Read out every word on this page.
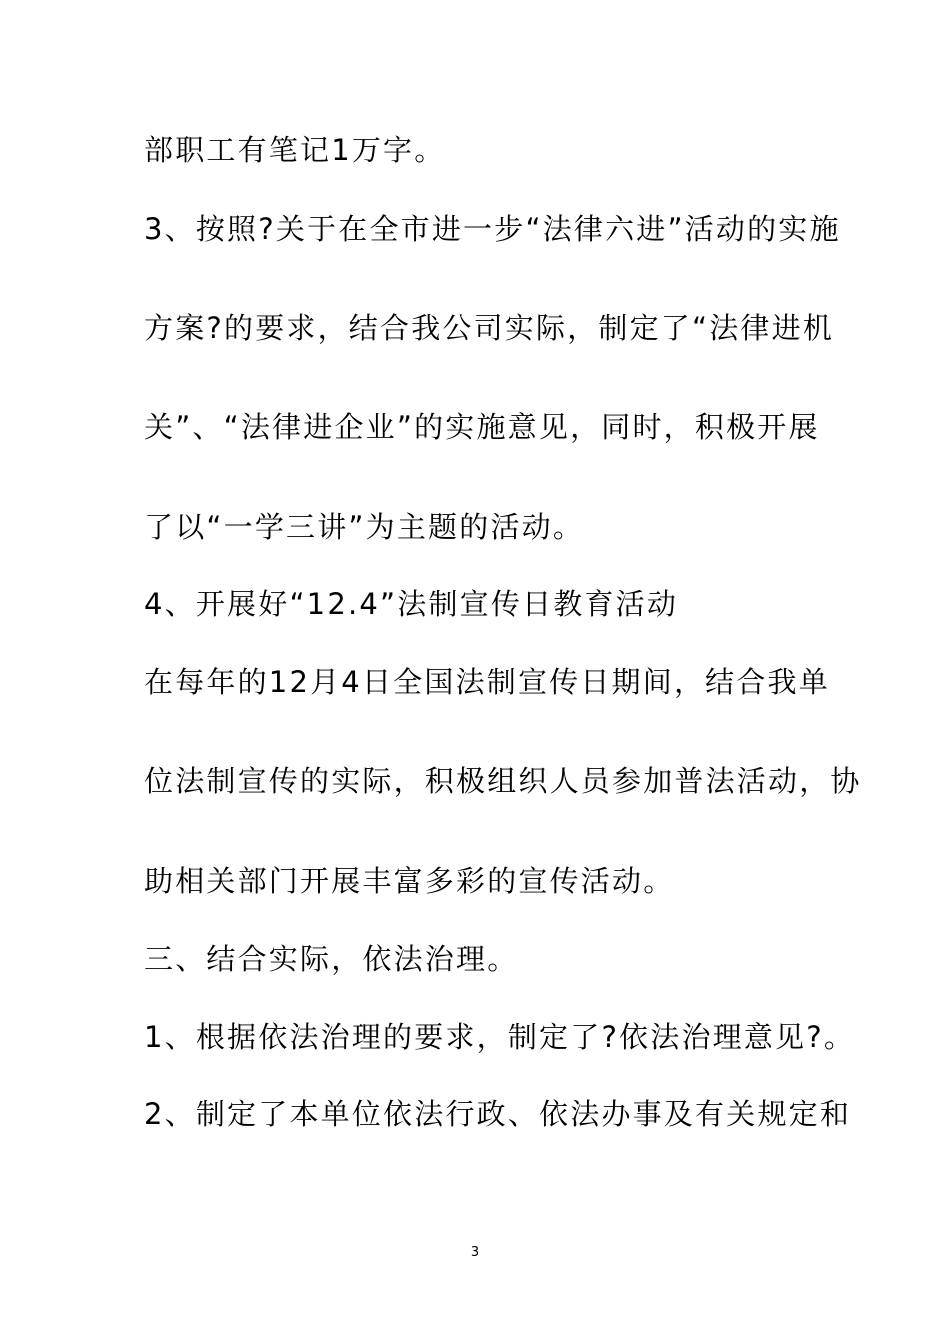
部职工有笔记1万字。
3、按照?关于在全市进一步“法律六进”活动的实施
方案?的要求，结合我公司实际，制定了“法律进机
关”、“法律进企业”的实施意见，同时，积极开展
了以“一学三讲”为主题的活动。
4、开展好“12.4”法制宣传日教育活动
在每年的12月4日全国法制宣传日期间，结合我单
位法制宣传的实际，积极组织人员参加普法活动，协
助相关部门开展丰富多彩的宣传活动。
三、结合实际，依法治理。
1、根据依法治理的要求，制定了?依法治理意见?。
2、制定了本单位依法行政、依法办事及有关规定和
3
